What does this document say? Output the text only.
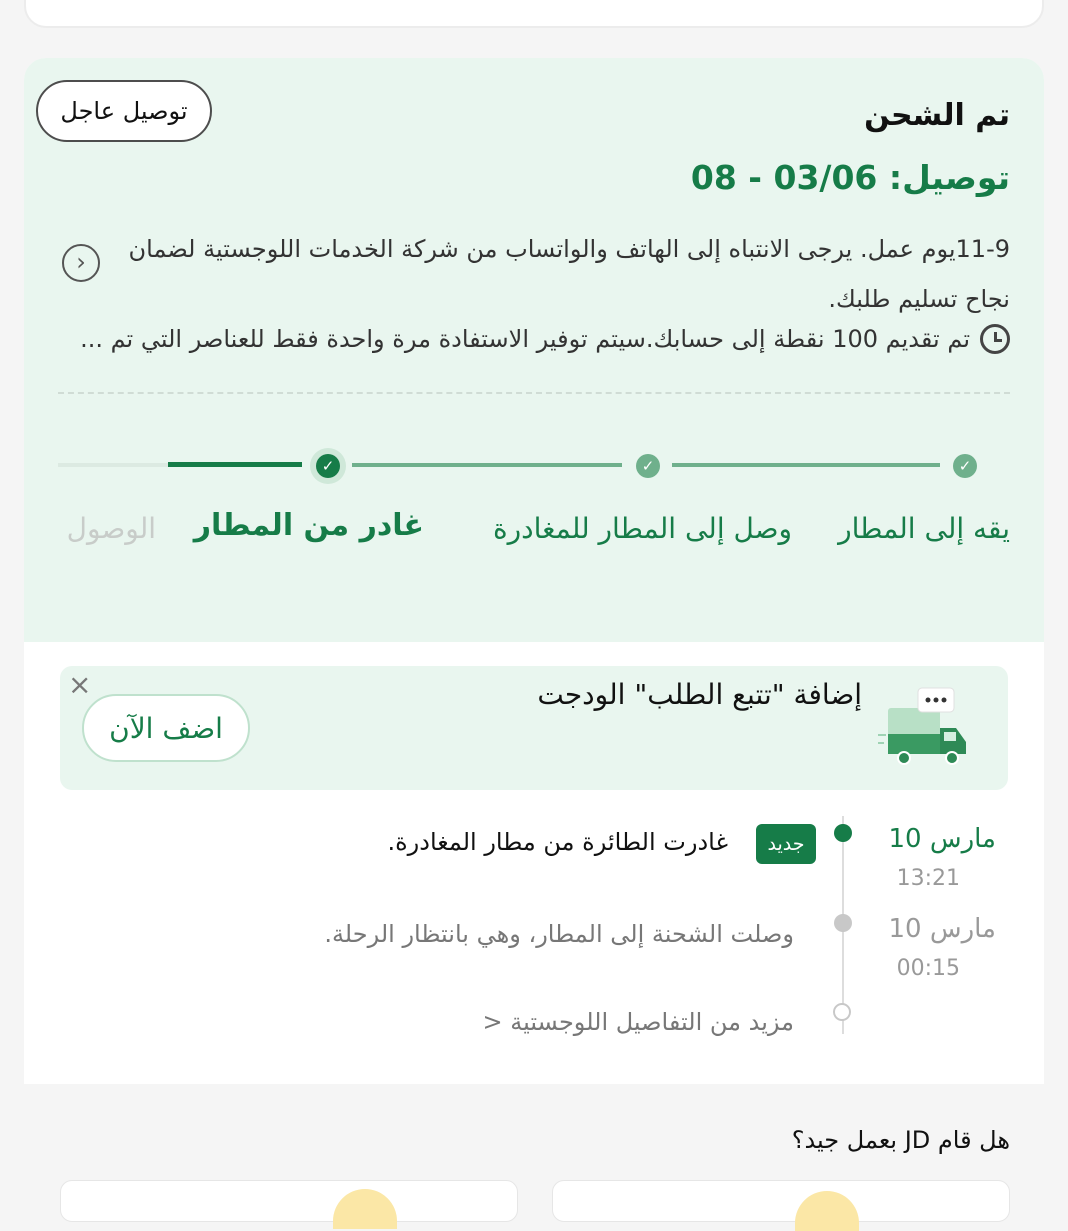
توصيل عاجل	تم الشحن
توصيل: 03/06 - 08
11-9يوم عمل. يرجى الانتباه إلى الهاتف والواتساب من شركة الخدمات اللوجستية لضمان نجاح تسليم طلبك.
›
تم تقديم 100 نقطة إلى حسابك.سيتم توفير الاستفادة مرة واحدة فقط للعناصر التي تم ...
✓
✓
✓
يقه إلى المطار
وصل إلى المطار للمغادرة
غادر من المطار
الوصول
×
اضف الآن
إضافة "تتبع الطلب" الودجت
مارس 10
13:21
جديد
غادرت الطائرة من مطار المغادرة.
مارس 10
00:15
وصلت الشحنة إلى المطار، وهي بانتظار الرحلة.
مزيد من التفاصيل اللوجستية <
هل قام JD بعمل جيد؟
